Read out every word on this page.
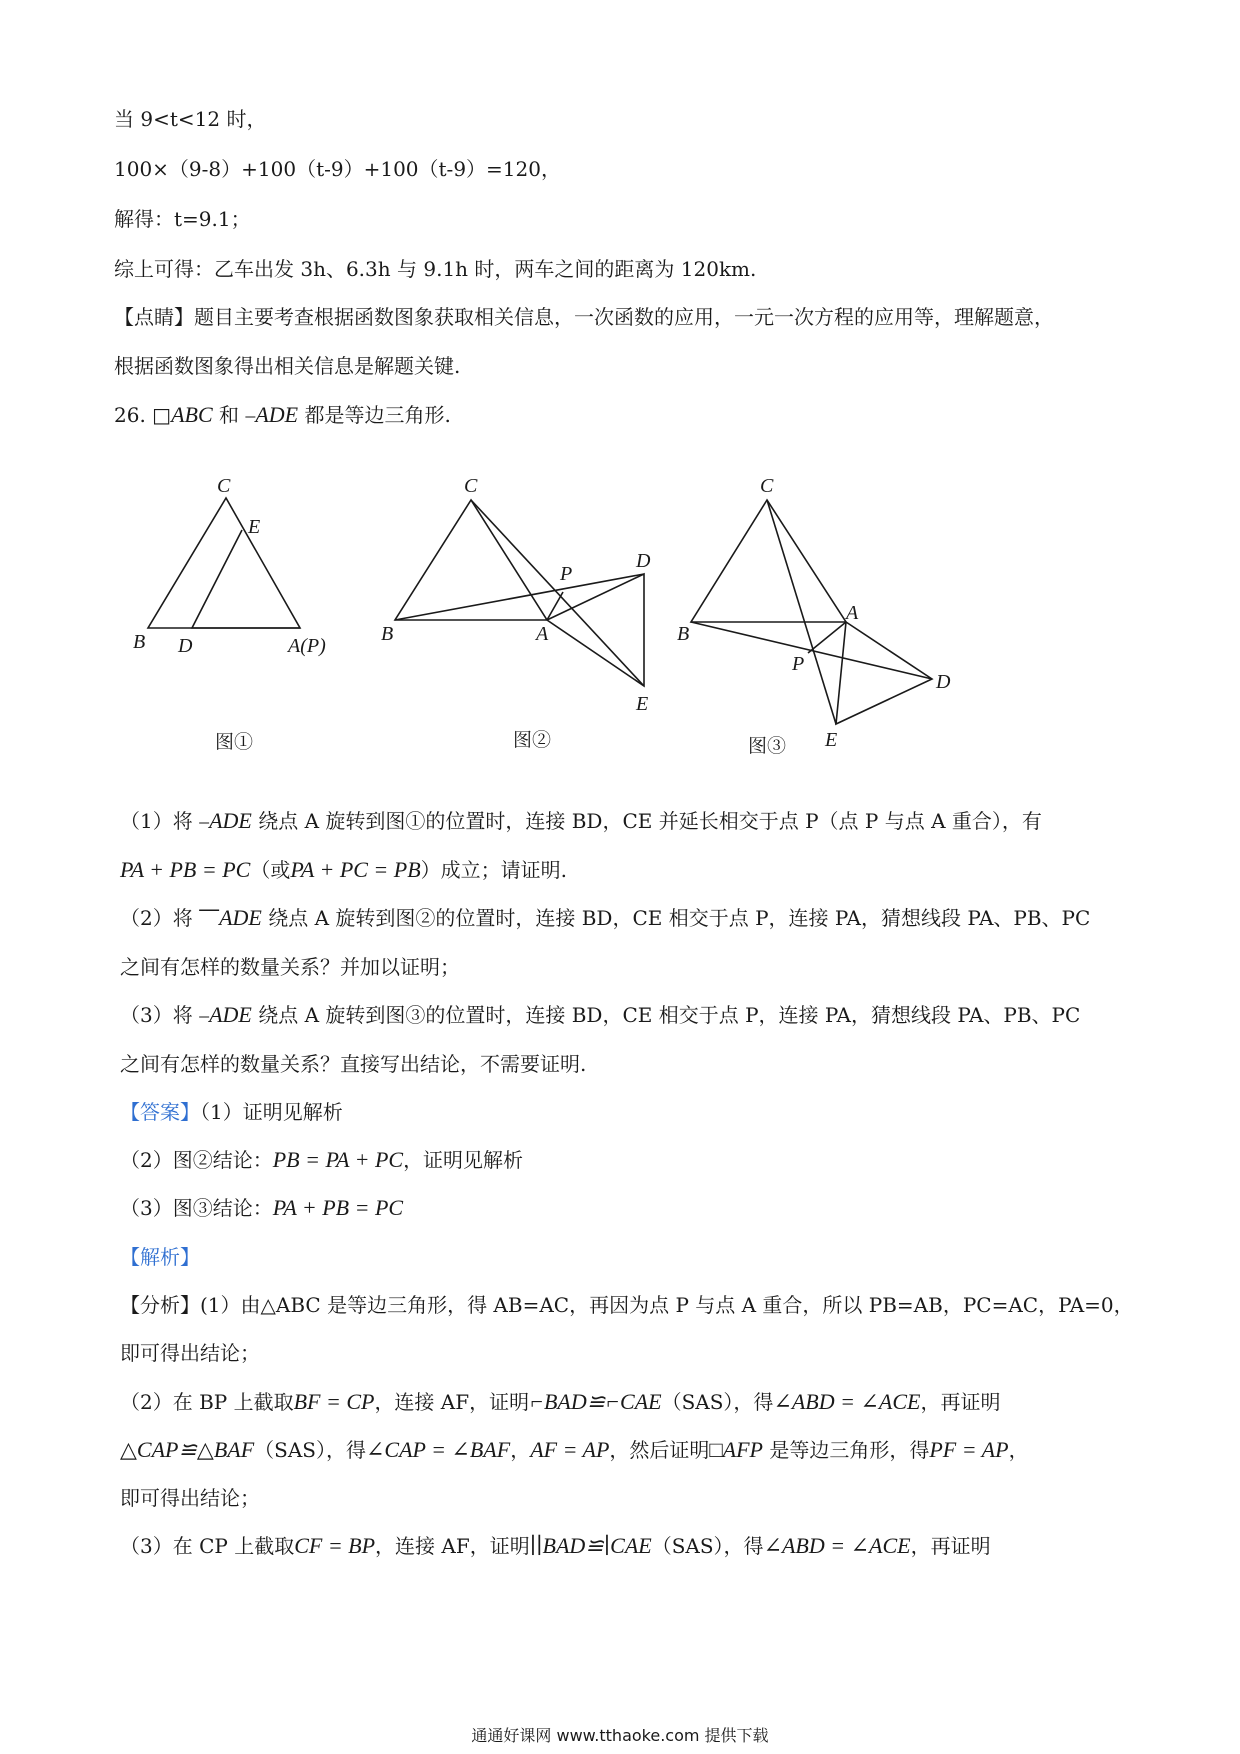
当 9<t<12 时，
100×（9-8）+100（t-9）+100（t-9）=120，
解得：t=9.1；
综上可得：乙车出发 3h、6.3h 与 9.1h 时，两车之间的距离为 120km.
【点睛】题目主要考查根据函数图象获取相关信息，一次函数的应用，一元一次方程的应用等，理解题意，
根据函数图象得出相关信息是解题关键.
26. □ABC 和 ⎯ADE 都是等边三角形.
C
E
B D	A(P)
图①
C
P
D
B	A
E
图②
C
A
B
P
D
E
图③
（1）将 ⎯ADE 绕点 A 旋转到图①的位置时，连接 BD，CE 并延长相交于点 P（点 P 与点 A 重合），有
PA + PB = PC（或PA + PC = PB）成立；请证明.
（2）将 ⎺ADE 绕点 A 旋转到图②的位置时，连接 BD，CE 相交于点 P，连接 PA，猜想线段 PA、PB、PC
之间有怎样的数量关系？并加以证明；
（3）将 ⎯ADE 绕点 A 旋转到图③的位置时，连接 BD，CE 相交于点 P，连接 PA，猜想线段 PA、PB、PC
之间有怎样的数量关系？直接写出结论，不需要证明.
【答案】（1）证明见解析
（2）图②结论：PB = PA + PC，证明见解析
（3）图③结论：PA + PB = PC
【解析】
【分析】(1）由△ABC 是等边三角形，得 AB=AC，再因为点 P 与点 A 重合，所以 PB=AB，PC=AC，PA=0，
即可得出结论；
（2）在 BP 上截取BF = CP，连接 AF，证明⌐BAD≌⌐CAE（SAS），得∠ABD = ∠ACE，再证明
△CAP≌△BAF（SAS），得∠CAP = ∠BAF，AF = AP，然后证明□AFP 是等边三角形，得PF = AP，
即可得出结论；
（3）在 CP 上截取CF = BP，连接 AF，证明∣∣BAD≌∣CAE（SAS），得∠ABD = ∠ACE，再证明
通通好课网 www.tthaoke.com 提供下载
